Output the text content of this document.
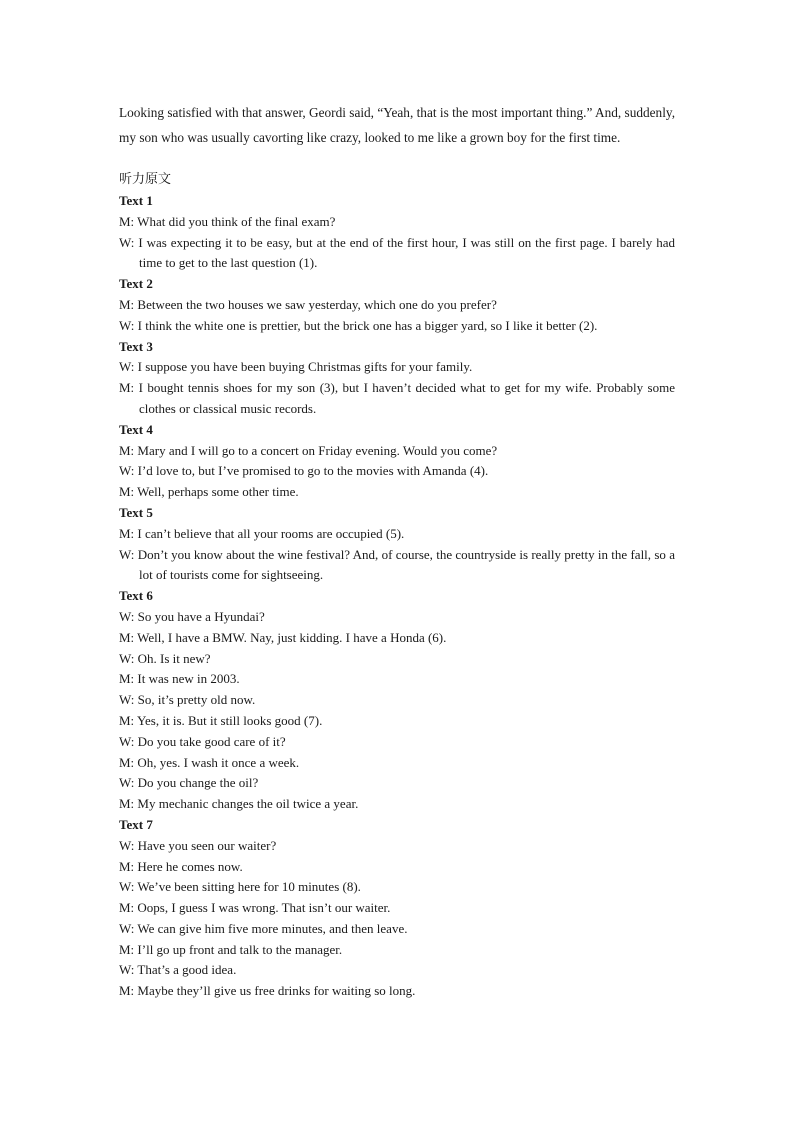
Looking satisfied with that answer, Geordi said, “Yeah, that is the most important thing.” And, suddenly, my son who was usually cavorting like crazy, looked to me like a grown boy for the first time.

听力原文
Text 1

M: What did you think of the final exam?

W: I was expecting it to be easy, but at the end of the first hour, I was still on the first page. I barely had time to get to the last question (1).

Text 2

M: Between the two houses we saw yesterday, which one do you prefer?

W: I think the white one is prettier, but the brick one has a bigger yard, so I like it better (2).

Text 3

W: I suppose you have been buying Christmas gifts for your family.

M: I bought tennis shoes for my son (3), but I haven’t decided what to get for my wife. Probably some clothes or classical music records.

Text 4

M: Mary and I will go to a concert on Friday evening. Would you come?

W: I’d love to, but I’ve promised to go to the movies with Amanda (4).

M: Well, perhaps some other time.

Text 5

M: I can’t believe that all your rooms are occupied (5).

W: Don’t you know about the wine festival? And, of course, the countryside is really pretty in the fall, so a lot of tourists come for sightseeing.

Text 6

W: So you have a Hyundai?

M: Well, I have a BMW. Nay, just kidding. I have a Honda (6).

W: Oh. Is it new?

M: It was new in 2003.

W: So, it’s pretty old now.

M: Yes, it is. But it still looks good (7).

W: Do you take good care of it?

M: Oh, yes. I wash it once a week.

W: Do you change the oil?

M: My mechanic changes the oil twice a year.

Text 7

W: Have you seen our waiter?

M: Here he comes now.

W: We’ve been sitting here for 10 minutes (8).

M: Oops, I guess I was wrong. That isn’t our waiter.

W: We can give him five more minutes, and then leave.

M: I’ll go up front and talk to the manager.

W: That’s a good idea.

M: Maybe they’ll give us free drinks for waiting so long.
